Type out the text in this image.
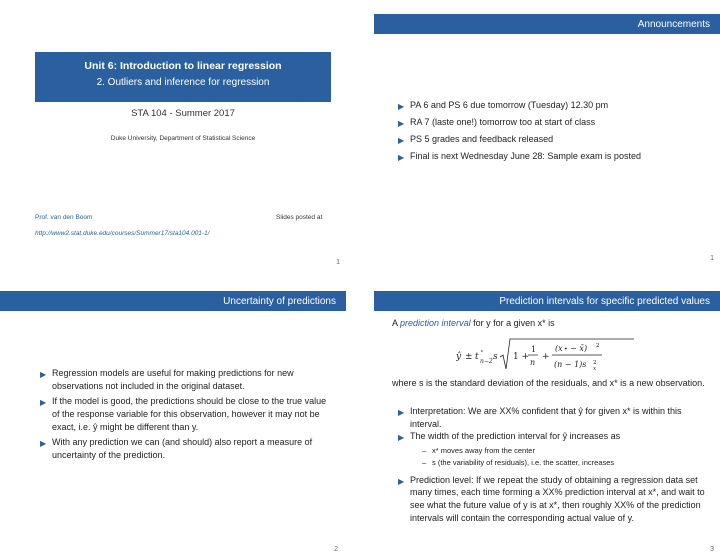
Unit 6: Introduction to linear regression
2. Outliers and inference for regression
STA 104 - Summer 2017
Duke University, Department of Statistical Science
Prof. van den Boom	Slides posted at
http://www2.stat.duke.edu/courses/Summer17/sta104.001-1/
1
Announcements
▶ PA 6 and PS 6 due tomorrow (Tuesday) 12.30 pm
▶ RA 7 (laste one!) tomorrow too at start of class
▶ PS 5 grades and feedback released
▶ Final is next Wednesday June 28: Sample exam is posted
1
Uncertainty of predictions
▶ Regression models are useful for making predictions for new observations not included in the original dataset.
▶ If the model is good, the predictions should be close to the true value of the response variable for this observation, however it may not be exact, i.e. ŷ might be different than y.
▶ With any prediction we can (and should) also report a measure of uncertainty of the prediction.
2
Prediction intervals for specific predicted values
A prediction interval for y for a given x* is
ŷ ± t
⋆
n−2 s 1 +
1
n
+
(x⋆ − x̄) 2
(n − 1)s 2
x
where s is the standard deviation of the residuals, and x* is a new observation.
▶ Interpretation: We are XX% confident that ŷ for given x* is within this interval.
▶ The width of the prediction interval for ŷ increases as
– x* moves away from the center
– s (the variability of residuals), i.e. the scatter, increases
▶ Prediction level: If we repeat the study of obtaining a regression data set many times, each time forming a XX% prediction interval at x*, and wait to see what the future value of y is at x*, then roughly XX% of the prediction intervals will contain the corresponding actual value of y.
3
